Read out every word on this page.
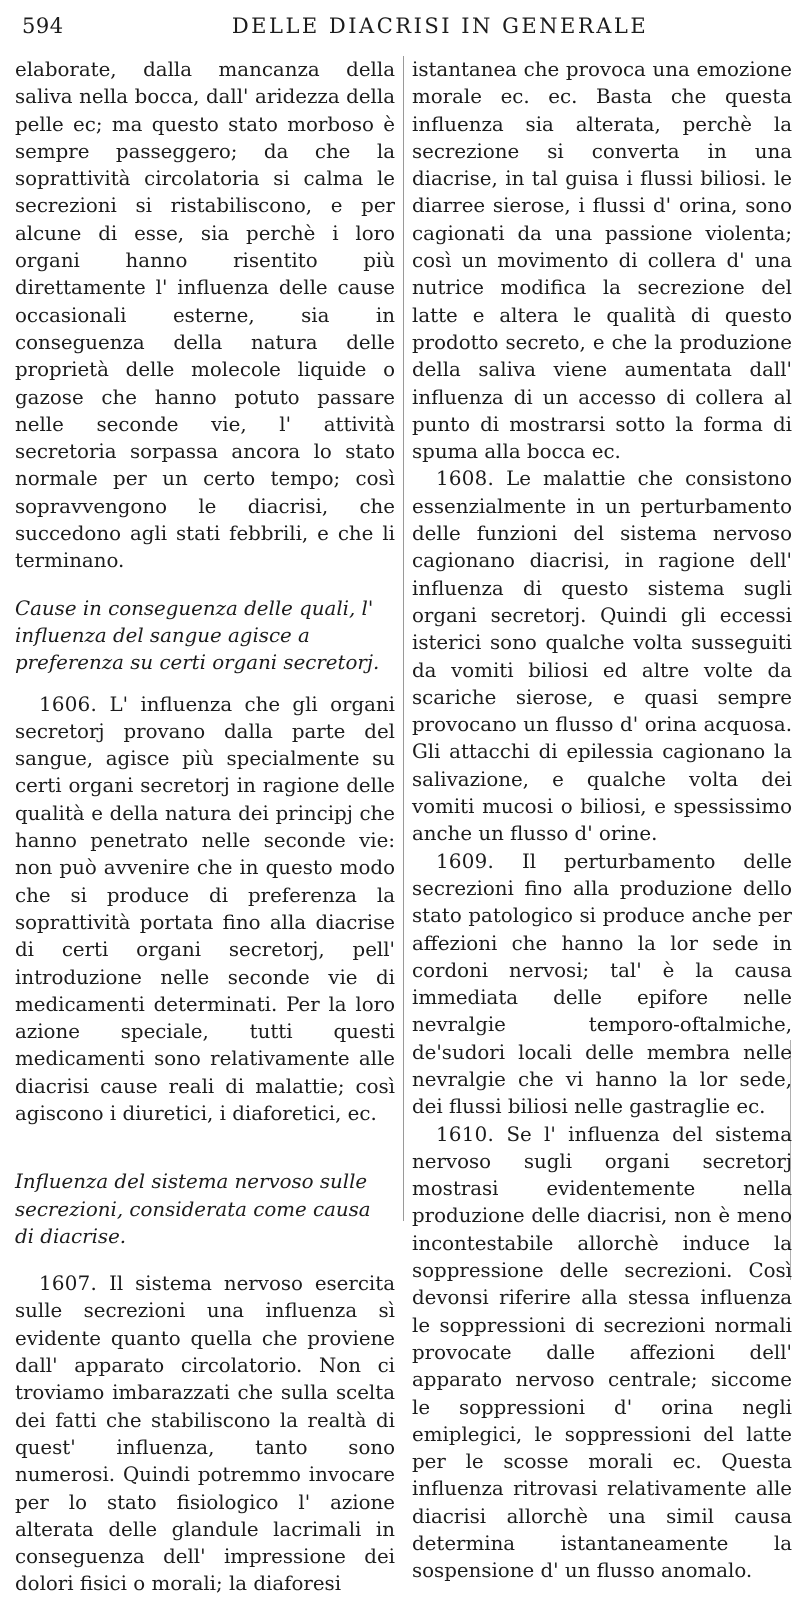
594	DELLE DIACRISI IN GENERALE

elaborate, dalla mancanza della saliva nella bocca, dall' aridezza della pelle ec; ma questo stato morboso è sempre passeggero; da che la soprattività circolatoria si calma le secrezioni si ristabiliscono, e per alcune di esse, sia perchè i loro organi hanno risentito più direttamente l' influenza delle cause occasionali esterne, sia in conseguenza della natura delle proprietà delle molecole liquide o gazose che hanno potuto passare nelle seconde vie, l' attività secretoria sorpassa ancora lo stato normale per un certo tempo; così sopravvengono le diacrisi, che succedono agli stati febbrili, e che li terminano.

Cause in conseguenza delle quali, l' influenza del sangue agisce a preferenza su certi organi secretorj.

1606. L' influenza che gli organi secretorj provano dalla parte del sangue, agisce più specialmente su certi organi secretorj in ragione delle qualità e della natura dei principj che hanno penetrato nelle seconde vie: non può avvenire che in questo modo che si produce di preferenza la soprattività portata fino alla diacrise di certi organi secretorj, pell' introduzione nelle seconde vie di medicamenti determinati. Per la loro azione speciale, tutti questi medicamenti sono relativamente alle diacrisi cause reali di malattie; così agiscono i diuretici, i diaforetici, ec.

Influenza del sistema nervoso sulle secrezioni, considerata come causa di diacrise.

1607. Il sistema nervoso esercita sulle secrezioni una influenza sì evidente quanto quella che proviene dall' apparato circolatorio. Non ci troviamo imbarazzati che sulla scelta dei fatti che stabiliscono la realtà di quest' influenza, tanto sono numerosi. Quindi potremmo invocare per lo stato fisiologico l' azione alterata delle glandule lacrimali in conseguenza dell' impressione dei dolori fisici o morali; la diaforesi

istantanea che provoca una emozione morale ec. ec. Basta che questa influenza sia alterata, perchè la secrezione si converta in una diacrise, in tal guisa i flussi biliosi. le diarree sierose, i flussi d' orina, sono cagionati da una passione violenta; così un movimento di collera d' una nutrice modifica la secrezione del latte e altera le qualità di questo prodotto secreto, e che la produzione della saliva viene aumentata dall' influenza di un accesso di collera al punto di mostrarsi sotto la forma di spuma alla bocca ec.

1608. Le malattie che consistono essenzialmente in un perturbamento delle funzioni del sistema nervoso cagionano diacrisi, in ragione dell' influenza di questo sistema sugli organi secretorj. Quindi gli eccessi isterici sono qualche volta susseguiti da vomiti biliosi ed altre volte da scariche sierose, e quasi sempre provocano un flusso d' orina acquosa. Gli attacchi di epilessia cagionano la salivazione, e qualche volta dei vomiti mucosi o biliosi, e spessissimo anche un flusso d' orine.

1609. Il perturbamento delle secrezioni fino alla produzione dello stato patologico si produce anche per affezioni che hanno la lor sede in cordoni nervosi; tal' è la causa immediata delle epifore nelle nevralgie temporo-oftalmiche, de'sudori locali delle membra nelle nevralgie che vi hanno la lor sede, dei flussi biliosi nelle gastraglie ec.

1610. Se l' influenza del sistema nervoso sugli organi secretorj mostrasi evidentemente nella produzione delle diacrisi, non è meno incontestabile allorchè induce la soppressione delle secrezioni. Così devonsi riferire alla stessa influenza le soppressioni di secrezioni normali provocate dalle affezioni dell' apparato nervoso centrale; siccome le soppressioni d' orina negli emiplegici, le soppressioni del latte per le scosse morali ec. Questa influenza ritrovasi relativamente alle diacrisi allorchè una simil causa determina istantaneamente la sospensione d' un flusso anomalo.
